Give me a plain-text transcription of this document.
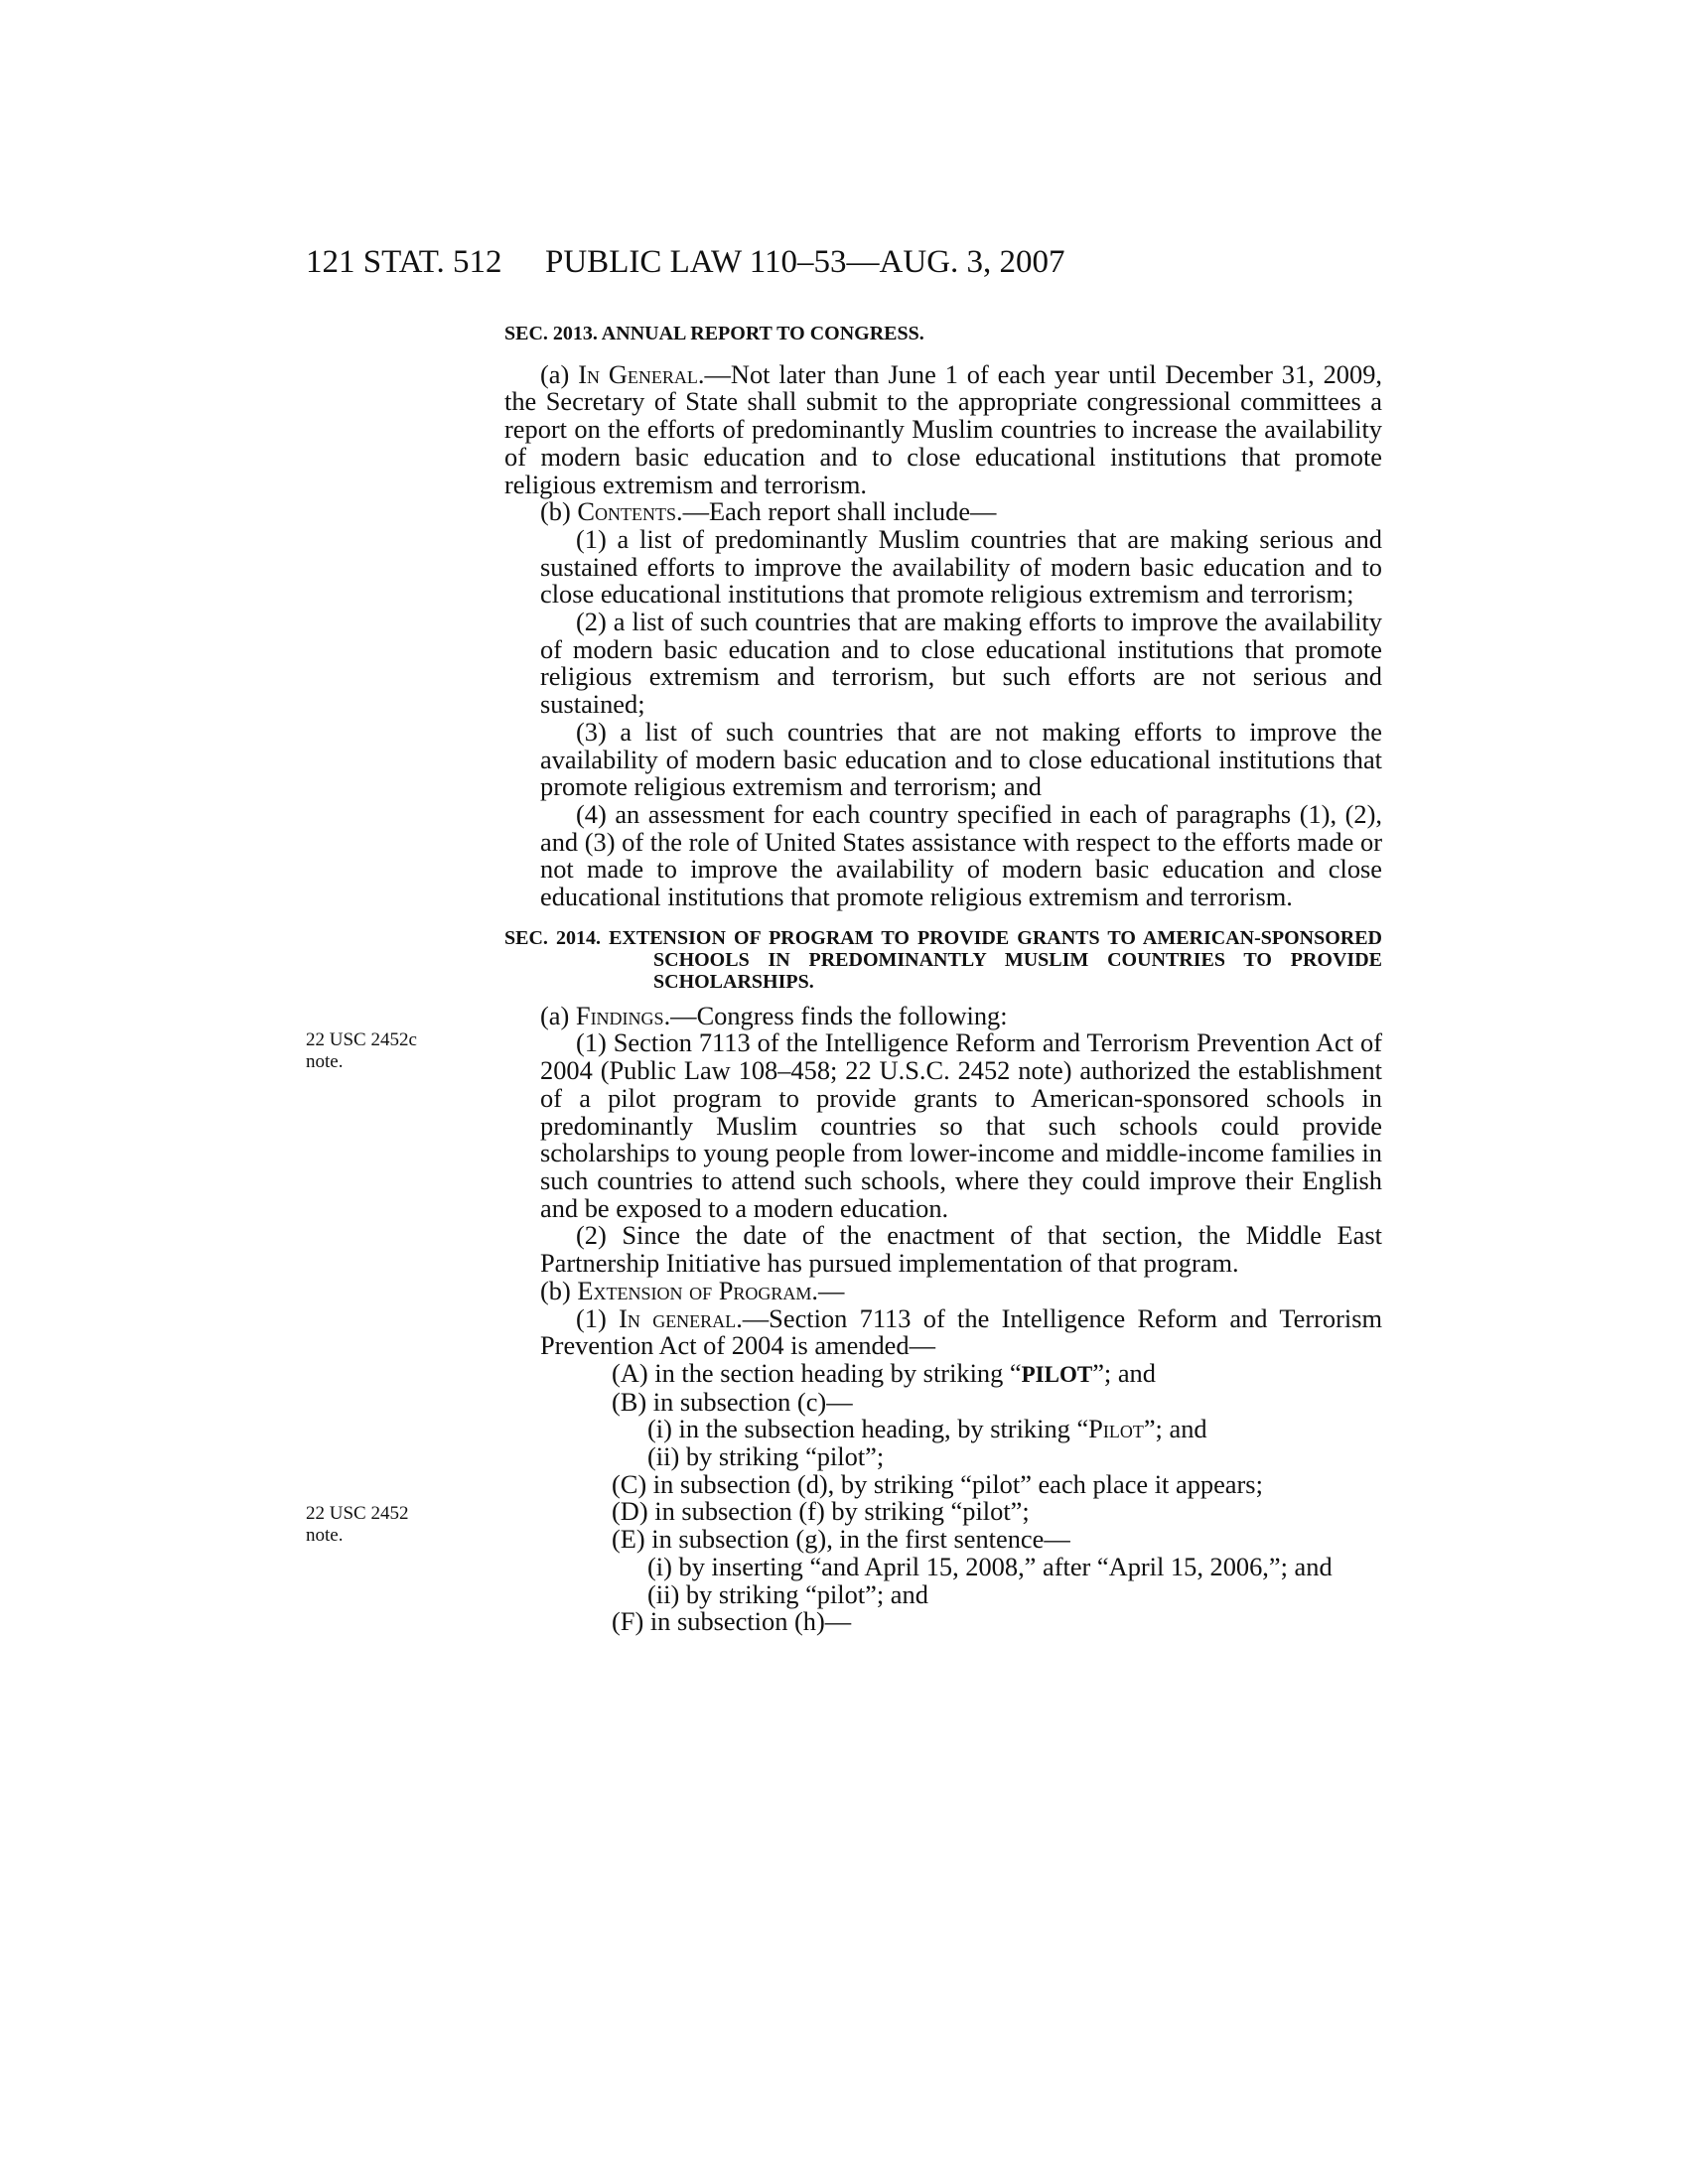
121 STAT. 512 PUBLIC LAW 110–53—AUG. 3, 2007
22 USC 2452c
note.
22 USC 2452
note.

SEC. 2013. ANNUAL REPORT TO CONGRESS.

(a) In General.—Not later than June 1 of each year until December 31, 2009, the Secretary of State shall submit to the appropriate congressional committees a report on the efforts of predominantly Muslim countries to increase the availability of modern basic education and to close educational institutions that promote religious extremism and terrorism.

(b) Contents.—Each report shall include—

(1) a list of predominantly Muslim countries that are making serious and sustained efforts to improve the availability of modern basic education and to close educational institutions that promote religious extremism and terrorism;

(2) a list of such countries that are making efforts to improve the availability of modern basic education and to close educational institutions that promote religious extremism and terrorism, but such efforts are not serious and sustained;

(3) a list of such countries that are not making efforts to improve the availability of modern basic education and to close educational institutions that promote religious extremism and terrorism; and

(4) an assessment for each country specified in each of paragraphs (1), (2), and (3) of the role of United States assistance with respect to the efforts made or not made to improve the availability of modern basic education and close educational institutions that promote religious extremism and terrorism.

SEC. 2014. EXTENSION OF PROGRAM TO PROVIDE GRANTS TO AMERICAN-SPONSORED SCHOOLS IN PREDOMINANTLY MUSLIM COUNTRIES TO PROVIDE SCHOLARSHIPS.

(a) Findings.—Congress finds the following:

(1) Section 7113 of the Intelligence Reform and Terrorism Prevention Act of 2004 (Public Law 108–458; 22 U.S.C. 2452 note) authorized the establishment of a pilot program to provide grants to American-sponsored schools in predominantly Muslim countries so that such schools could provide scholarships to young people from lower-income and middle-income families in such countries to attend such schools, where they could improve their English and be exposed to a modern education.

(2) Since the date of the enactment of that section, the Middle East Partnership Initiative has pursued implementation of that program.

(b) Extension of Program.—

(1) In general.—Section 7113 of the Intelligence Reform and Terrorism Prevention Act of 2004 is amended—

(A) in the section heading by striking “PILOT”; and

(B) in subsection (c)—

(i) in the subsection heading, by striking “Pilot”; and

(ii) by striking “pilot”;

(C) in subsection (d), by striking “pilot” each place it appears;

(D) in subsection (f) by striking “pilot”;

(E) in subsection (g), in the first sentence—

(i) by inserting “and April 15, 2008,” after “April 15, 2006,”; and

(ii) by striking “pilot”; and

(F) in subsection (h)—
